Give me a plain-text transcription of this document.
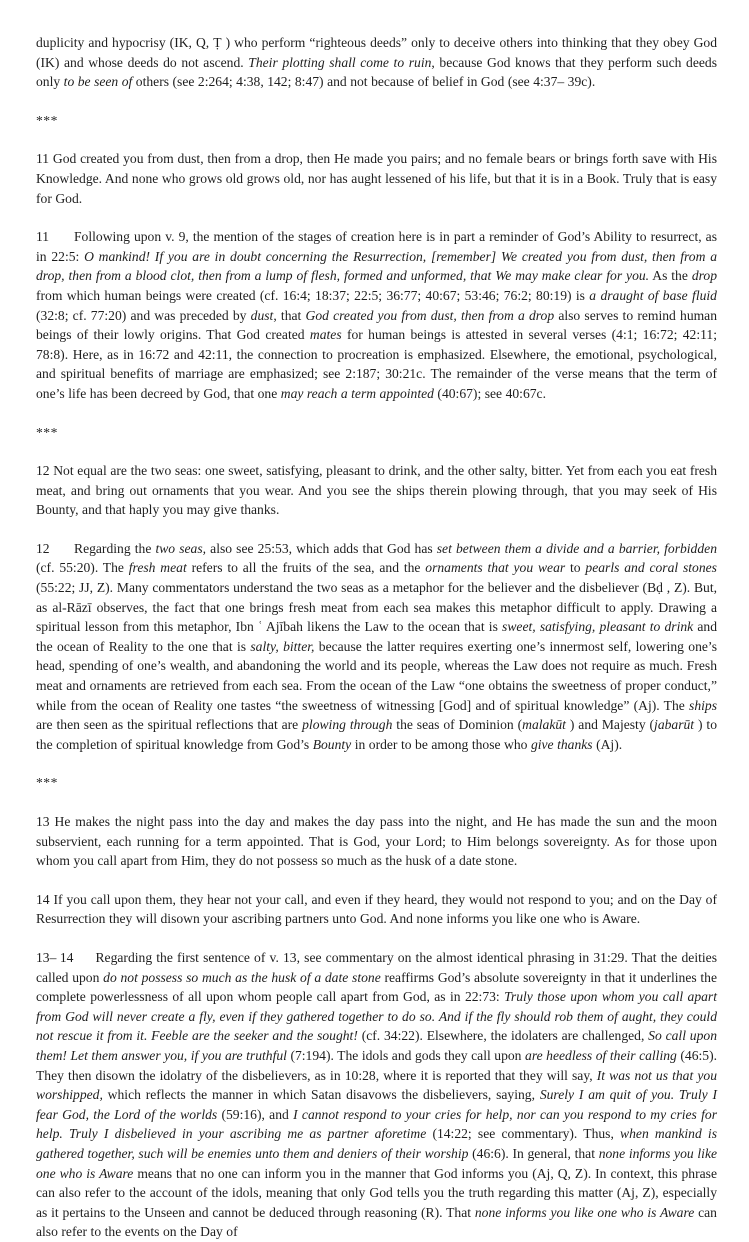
duplicity and hypocrisy (IK, Q, Ṭ ) who perform “righteous deeds” only to deceive others into thinking that they obey God (IK) and whose deeds do not ascend. Their plotting shall come to ruin, because God knows that they perform such deeds only to be seen of others (see 2:264; 4:38, 142; 8:47) and not because of belief in God (see 4:37– 39c).

***

11 God created you from dust, then from a drop, then He made you pairs; and no female bears or brings forth save with His Knowledge. And none who grows old grows old, nor has aught lessened of his life, but that it is in a Book. Truly that is easy for God.

11 Following upon v. 9, the mention of the stages of creation here is in part a reminder of God’s Ability to resurrect, as in 22:5: O mankind! If you are in doubt concerning the Resurrection, [remember] We created you from dust, then from a drop, then from a blood clot, then from a lump of flesh, formed and unformed, that We may make clear for you. As the drop from which human beings were created (cf. 16:4; 18:37; 22:5; 36:77; 40:67; 53:46; 76:2; 80:19) is a draught of base fluid (32:8; cf. 77:20) and was preceded by dust, that God created you from dust, then from a drop also serves to remind human beings of their lowly origins. That God created mates for human beings is attested in several verses (4:1; 16:72; 42:11; 78:8). Here, as in 16:72 and 42:11, the connection to procreation is emphasized. Elsewhere, the emotional, psychological, and spiritual benefits of marriage are emphasized; see 2:187; 30:21c. The remainder of the verse means that the term of one’s life has been decreed by God, that one may reach a term appointed (40:67); see 40:67c.

***

12 Not equal are the two seas: one sweet, satisfying, pleasant to drink, and the other salty, bitter. Yet from each you eat fresh meat, and bring out ornaments that you wear. And you see the ships therein plowing through, that you may seek of His Bounty, and that haply you may give thanks.

12 Regarding the two seas, also see 25:53, which adds that God has set between them a divide and a barrier, forbidden (cf. 55:20). The fresh meat refers to all the fruits of the sea, and the ornaments that you wear to pearls and coral stones (55:22; JJ, Z). Many commentators understand the two seas as a metaphor for the believer and the disbeliever (Bḍ , Z). But, as al-Rāzī observes, the fact that one brings fresh meat from each sea makes this metaphor difficult to apply. Drawing a spiritual lesson from this metaphor, Ibn ʿ Ajībah likens the Law to the ocean that is sweet, satisfying, pleasant to drink and the ocean of Reality to the one that is salty, bitter, because the latter requires exerting one’s innermost self, lowering one’s head, spending of one’s wealth, and abandoning the world and its people, whereas the Law does not require as much. Fresh meat and ornaments are retrieved from each sea. From the ocean of the Law “one obtains the sweetness of proper conduct,” while from the ocean of Reality one tastes “the sweetness of witnessing [God] and of spiritual knowledge” (Aj). The ships are then seen as the spiritual reflections that are plowing through the seas of Dominion (malakūt ) and Majesty (jabarūt ) to the completion of spiritual knowledge from God’s Bounty in order to be among those who give thanks (Aj).

***

13 He makes the night pass into the day and makes the day pass into the night, and He has made the sun and the moon subservient, each running for a term appointed. That is God, your Lord; to Him belongs sovereignty. As for those upon whom you call apart from Him, they do not possess so much as the husk of a date stone.

14 If you call upon them, they hear not your call, and even if they heard, they would not respond to you; and on the Day of Resurrection they will disown your ascribing partners unto God. And none informs you like one who is Aware.

13– 14 Regarding the first sentence of v. 13, see commentary on the almost identical phrasing in 31:29. That the deities called upon do not possess so much as the husk of a date stone reaffirms God’s absolute sovereignty in that it underlines the complete powerlessness of all upon whom people call apart from God, as in 22:73: Truly those upon whom you call apart from God will never create a fly, even if they gathered together to do so. And if the fly should rob them of aught, they could not rescue it from it. Feeble are the seeker and the sought! (cf. 34:22). Elsewhere, the idolaters are challenged, So call upon them! Let them answer you, if you are truthful (7:194). The idols and gods they call upon are heedless of their calling (46:5). They then disown the idolatry of the disbelievers, as in 10:28, where it is reported that they will say, It was not us that you worshipped, which reflects the manner in which Satan disavows the disbelievers, saying, Surely I am quit of you. Truly I fear God, the Lord of the worlds (59:16), and I cannot respond to your cries for help, nor can you respond to my cries for help. Truly I disbelieved in your ascribing me as partner aforetime (14:22; see commentary). Thus, when mankind is gathered together, such will be enemies unto them and deniers of their worship (46:6). In general, that none informs you like one who is Aware means that no one can inform you in the manner that God informs you (Aj, Q, Z). In context, this phrase can also refer to the account of the idols, meaning that only God tells you the truth regarding this matter (Aj, Z), especially as it pertains to the Unseen and cannot be deduced through reasoning (R). That none informs you like one who is Aware can also refer to the events on the Day of
